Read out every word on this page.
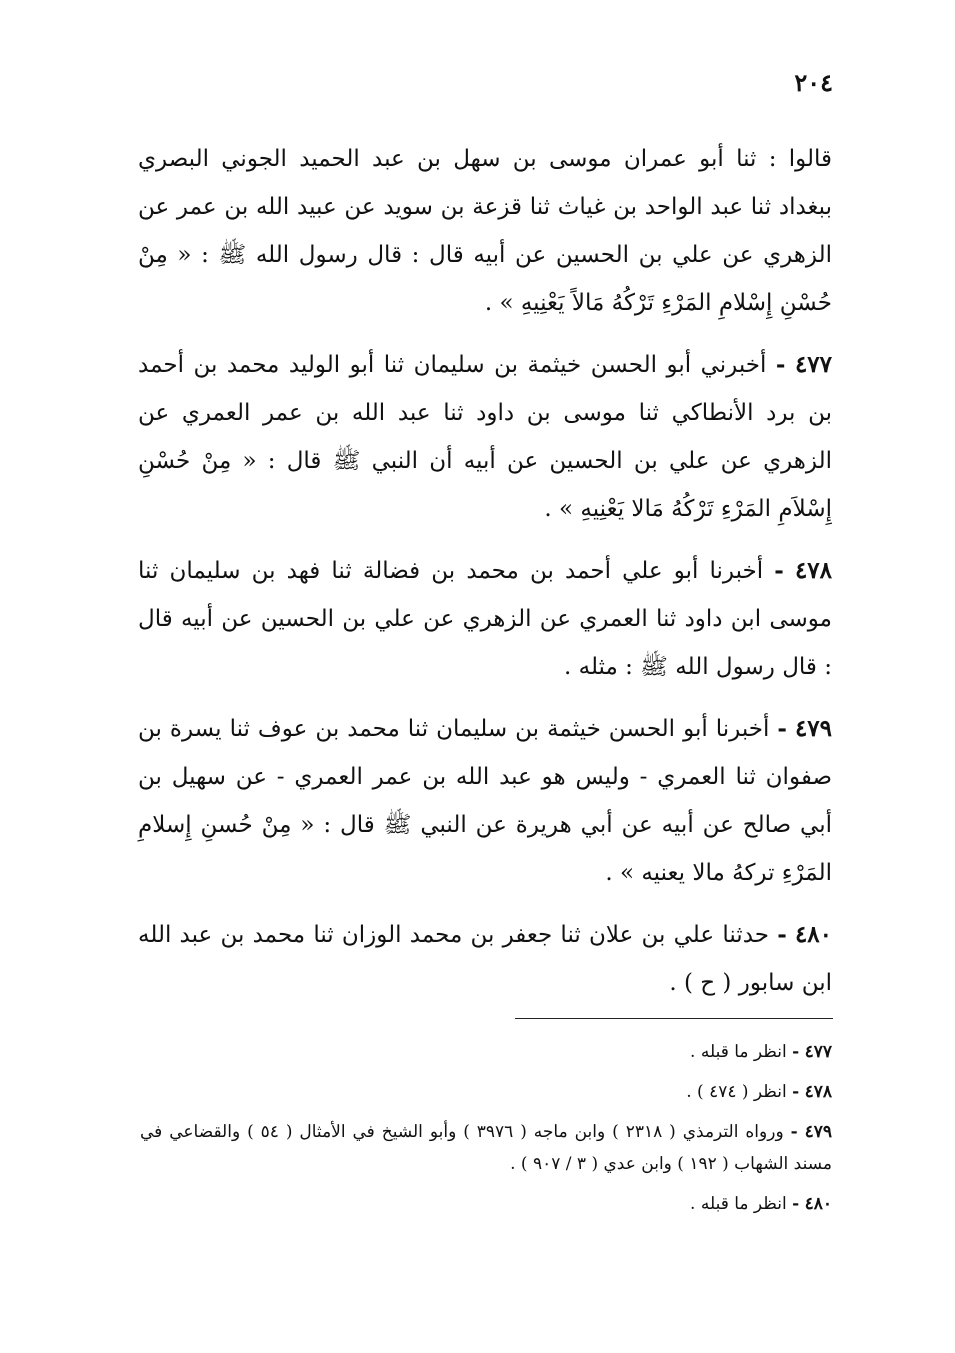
٢٠٤

قالوا : ثنا أبو عمران موسى بن سهل بن عبد الحميد الجوني البصري ببغداد ثنا عبد الواحد بن غياث ثنا قزعة بن سويد عن عبيد الله بن عمر عن الزهري عن علي بن الحسين عن أبيه قال : قال رسول الله ﷺ : « مِنْ حُسْنِ إِسْلامِ المَرْءِ تَرْكُهُ مَالاً يَعْنِيهِ » .

٤٧٧ - أخبرني أبو الحسن خيثمة بن سليمان ثنا أبو الوليد محمد بن أحمد بن برد الأنطاكي ثنا موسى بن داود ثنا عبد الله بن عمر العمري عن الزهري عن علي بن الحسين عن أبيه أن النبي ﷺ قال : « مِنْ حُسْنِ إِسْلاَمِ المَرْءِ تَرْكُهُ مَالا يَعْنِيهِ » .

٤٧٨ - أخبرنا أبو علي أحمد بن محمد بن فضالة ثنا فهد بن سليمان ثنا موسى ابن داود ثنا العمري عن الزهري عن علي بن الحسين عن أبيه قال : قال رسول الله ﷺ : مثله .

٤٧٩ - أخبرنا أبو الحسن خيثمة بن سليمان ثنا محمد بن عوف ثنا يسرة بن صفوان ثنا العمري - وليس هو عبد الله بن عمر العمري - عن سهيل بن أبي صالح عن أبيه عن أبي هريرة عن النبي ﷺ قال : « مِنْ حُسنِ إِسلامِ المَرْءِ تركهُ مالا يعنيه » .

٤٨٠ - حدثنا علي بن علان ثنا جعفر بن محمد الوزان ثنا محمد بن عبد الله ابن سابور ( ح ) .

٤٧٧ - انظر ما قبله .

٤٧٨ - انظر ( ٤٧٤ ) .

٤٧٩ - ورواه الترمذي ( ٢٣١٨ ) وابن ماجه ( ٣٩٧٦ ) وأبو الشيخ في الأمثال ( ٥٤ ) والقضاعي في مسند الشهاب ( ١٩٢ ) وابن عدي ( ٣ / ٩٠٧ ) .

٤٨٠ - انظر ما قبله .
